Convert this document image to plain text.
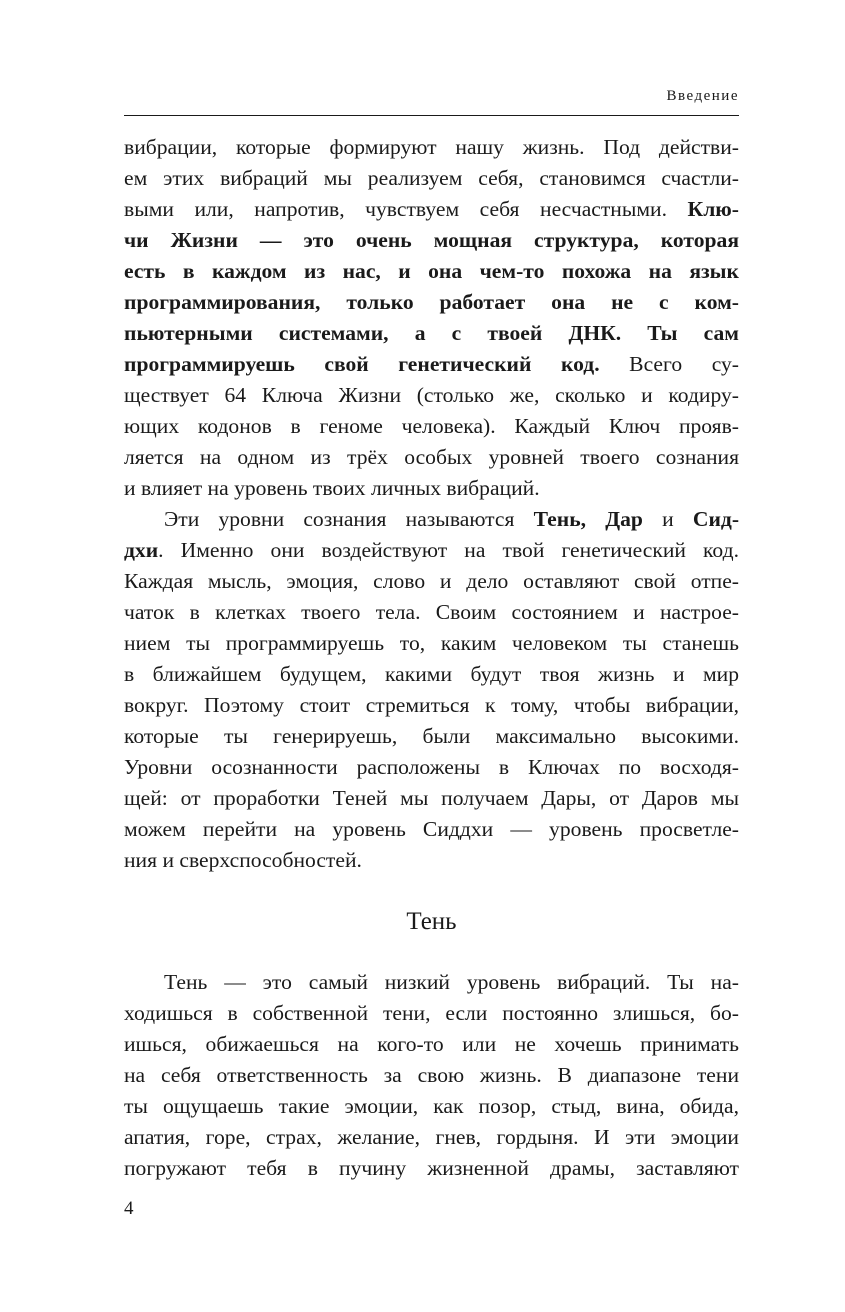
Введение
вибрации, которые формируют нашу жизнь. Под действи-
ем этих вибраций мы реализуем себя, становимся счастли-
выми или, напротив, чувствуем себя несчастными. Клю-
чи Жизни — это очень мощная структура, которая
есть в каждом из нас, и она чем-то похожа на язык
программирования, только работает она не с ком-
пьютерными системами, а с твоей ДНК. Ты сам
программируешь свой генетический код. Всего су-
ществует 64 Ключа Жизни (столько же, сколько и кодиру-
ющих кодонов в геноме человека). Каждый Ключ прояв-
ляется на одном из трёх особых уровней твоего сознания
и влияет на уровень твоих личных вибраций.
Эти уровни сознания называются Тень, Дар и Сид-
дхи. Именно они воздействуют на твой генетический код.
Каждая мысль, эмоция, слово и дело оставляют свой отпе-
чаток в клетках твоего тела. Своим состоянием и настрое-
нием ты программируешь то, каким человеком ты станешь
в ближайшем будущем, какими будут твоя жизнь и мир
вокруг. Поэтому стоит стремиться к тому, чтобы вибрации,
которые ты генерируешь, были максимально высокими.
Уровни осознанности расположены в Ключах по восходя-
щей: от проработки Теней мы получаем Дары, от Даров мы
можем перейти на уровень Сиддхи — уровень просветле-
ния и сверхспособностей.
Тень
Тень — это самый низкий уровень вибраций. Ты на-
ходишься в собственной тени, если постоянно злишься, бо-
ишься, обижаешься на кого-то или не хочешь принимать
на себя ответственность за свою жизнь. В диапазоне тени
ты ощущаешь такие эмоции, как позор, стыд, вина, обида,
апатия, горе, страх, желание, гнев, гордыня. И эти эмоции
погружают тебя в пучину жизненной драмы, заставляют
4
